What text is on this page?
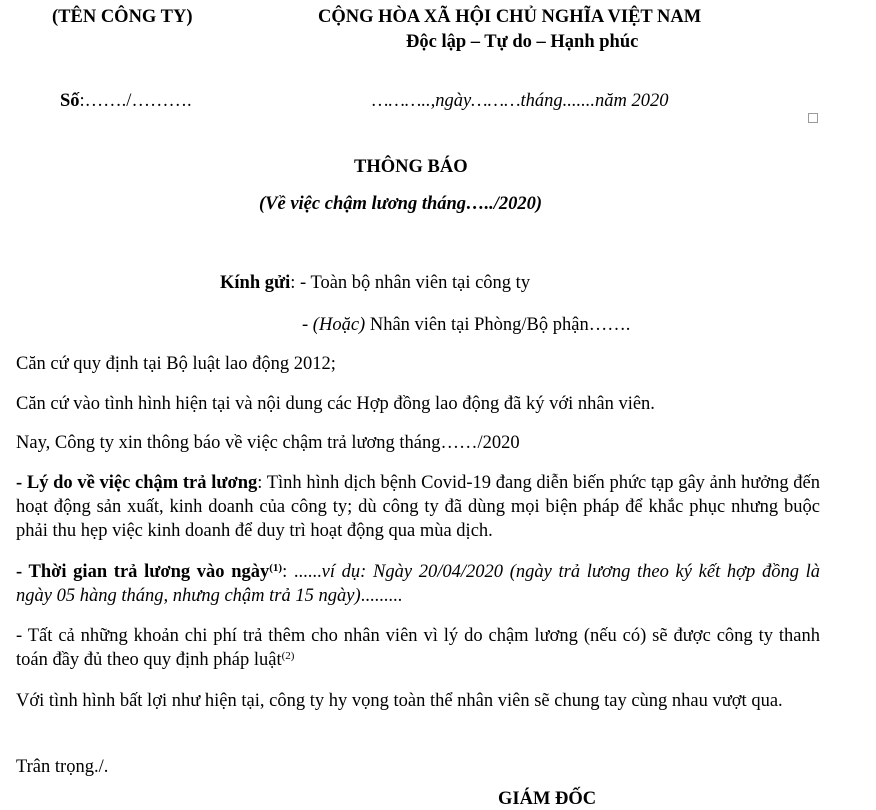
(TÊN CÔNG TY)	CỘNG HÒA XÃ HỘI CHỦ NGHĨA VIỆT NAM
Độc lập – Tự do – Hạnh phúc
Số:……./……….	………..,ngày………tháng.......năm 2020
THÔNG BÁO
(Về việc chậm lương tháng…../2020)
Kính gửi: - Toàn bộ nhân viên tại công ty
- (Hoặc) Nhân viên tại Phòng/Bộ phận…….
Căn cứ quy định tại Bộ luật lao động 2012;
Căn cứ vào tình hình hiện tại và nội dung các Hợp đồng lao động đã ký với nhân viên.
Nay, Công ty xin thông báo về việc chậm trả lương tháng……/2020
- Lý do về việc chậm trả lương: Tình hình dịch bệnh Covid-19 đang diễn biến phức tạp gây ảnh hưởng đến hoạt động sản xuất, kinh doanh của công ty; dù công ty đã dùng mọi biện pháp để khắc phục nhưng buộc phải thu hẹp việc kinh doanh để duy trì hoạt động qua mùa dịch.
- Thời gian trả lương vào ngày$^{(1)}$: ......ví dụ: Ngày 20/04/2020 (ngày trả lương theo ký kết hợp đồng là ngày 05 hàng tháng, nhưng chậm trả 15 ngày).........
- Tất cả những khoản chi phí trả thêm cho nhân viên vì lý do chậm lương (nếu có) sẽ được công ty thanh toán đầy đủ theo quy định pháp luật$^{(2)}$
Với tình hình bất lợi như hiện tại, công ty hy vọng toàn thể nhân viên sẽ chung tay cùng nhau vượt qua.
Trân trọng./.
GIÁM ĐỐC
